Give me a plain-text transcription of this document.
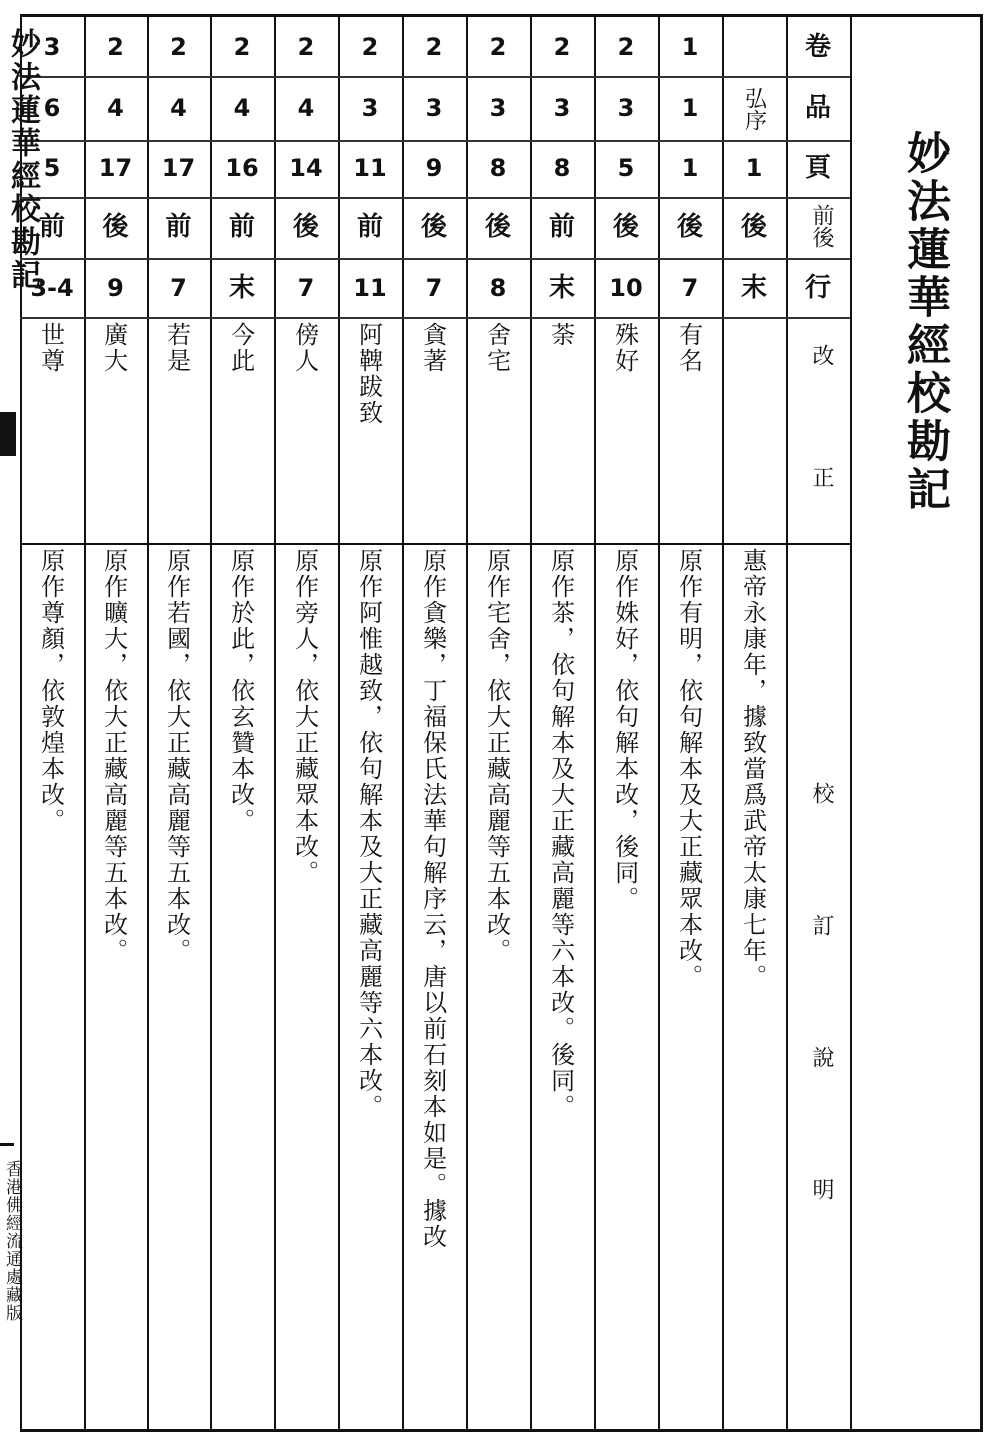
妙法蓮華經校勘記
妙法蓮華經校勘記
香港佛經流通處藏版
卷
品
頁
前後
行
改正
校訂說明
弘序
1
後
末
惠帝永康年，據致當爲武帝太康七年。
1
1
1
後
7
有名
原作有明，依句解本及大正藏眾本改。
2
3
5
後
10
殊好
原作姝好，依句解本改，後同。
2
3
8
前
末
荼
原作茶，依句解本及大正藏高麗等六本改。後同。
2
3
8
後
8
舍宅
原作宅舍，依大正藏高麗等五本改。
2
3
9
後
7
貪著
原作貪樂，丁福保氏法華句解序云，唐以前石刻本如是。據改
2
3
11
前
11
阿鞞跋致
原作阿惟越致，依句解本及大正藏高麗等六本改。
2
4
14
後
7
傍人
原作旁人，依大正藏眾本改。
2
4
16
前
末
今此
原作於此，依玄贊本改。
2
4
17
前
7
若是
原作若國，依大正藏高麗等五本改。
2
4
17
後
9
廣大
原作曠大，依大正藏高麗等五本改。
3
6
5
前
3-4
世尊
原作尊顏，依敦煌本改。
